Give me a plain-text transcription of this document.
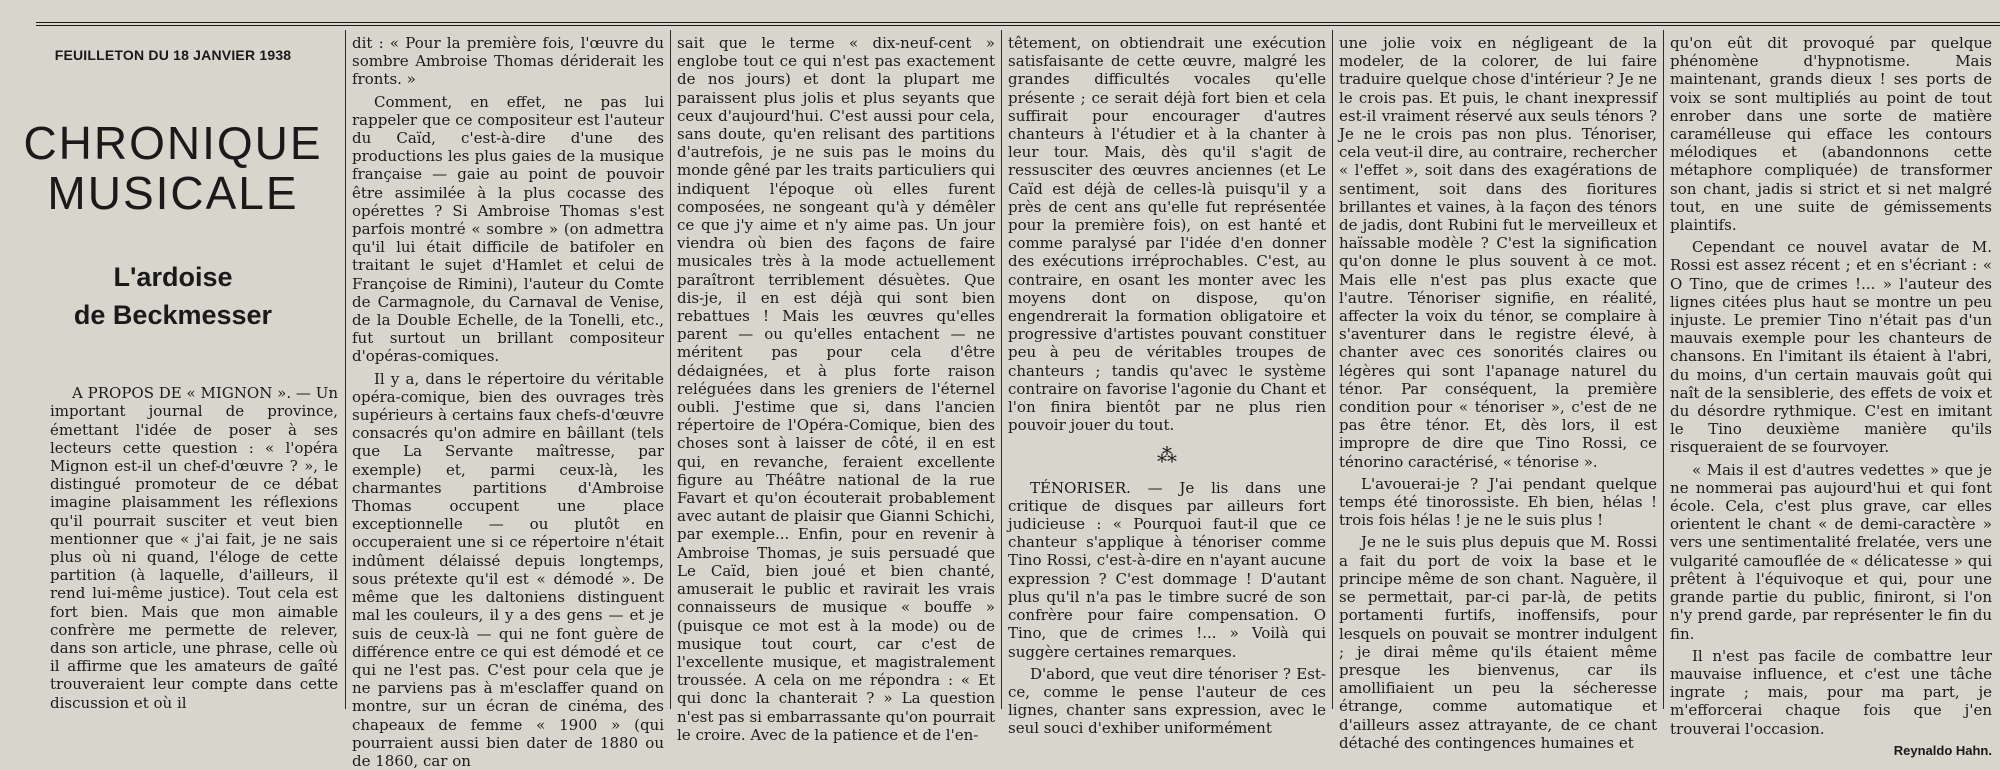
FEUILLETON DU 18 JANVIER 1938
CHRONIQUE
MUSICALE
L'ardoise
de Beckmesser

A PROPOS DE « MIGNON ». — Un important journal de province, émettant l'idée de poser à ses lecteurs cette question : « l'opéra Mignon est-il un chef-d'œuvre ? », le distingué promoteur de ce débat imagine plaisamment les réflexions qu'il pourrait susciter et veut bien mentionner que « j'ai fait, je ne sais plus où ni quand, l'éloge de cette partition (à laquelle, d'ailleurs, il rend lui-même justice). Tout cela est fort bien. Mais que mon aimable confrère me permette de relever, dans son article, une phrase, celle où il affirme que les amateurs de gaîté trouveraient leur compte dans cette discussion et où il

dit : « Pour la première fois, l'œuvre du sombre Ambroise Thomas dériderait les fronts. »

Comment, en effet, ne pas lui rappeler que ce compositeur est l'auteur du Caïd, c'est-à-dire d'une des productions les plus gaies de la musique française — gaie au point de pouvoir être assimilée à la plus cocasse des opérettes ? Si Ambroise Thomas s'est parfois montré « sombre » (on admettra qu'il lui était difficile de batifoler en traitant le sujet d'Hamlet et celui de Françoise de Rimini), l'auteur du Comte de Carmagnole, du Carnaval de Venise, de la Double Echelle, de la Tonelli, etc., fut surtout un brillant compositeur d'opéras-comiques.

Il y a, dans le répertoire du véritable opéra-comique, bien des ouvrages très supérieurs à certains faux chefs-d'œuvre consacrés qu'on admire en bâillant (tels que La Servante maîtresse, par exemple) et, parmi ceux-là, les charmantes partitions d'Ambroise Thomas occupent une place exceptionnelle — ou plutôt en occuperaient une si ce répertoire n'était indûment délaissé depuis longtemps, sous prétexte qu'il est « démodé ». De même que les daltoniens distinguent mal les couleurs, il y a des gens — et je suis de ceux-là — qui ne font guère de différence entre ce qui est démodé et ce qui ne l'est pas. C'est pour cela que je ne parviens pas à m'esclaffer quand on montre, sur un écran de cinéma, des chapeaux de femme « 1900 » (qui pourraient aussi bien dater de 1880 ou de 1860, car on

sait que le terme « dix-neuf-cent » englobe tout ce qui n'est pas exactement de nos jours) et dont la plupart me paraissent plus jolis et plus seyants que ceux d'aujourd'hui. C'est aussi pour cela, sans doute, qu'en relisant des partitions d'autrefois, je ne suis pas le moins du monde gêné par les traits particuliers qui indiquent l'époque où elles furent composées, ne songeant qu'à y démêler ce que j'y aime et n'y aime pas. Un jour viendra où bien des façons de faire musicales très à la mode actuellement paraîtront terriblement désuètes. Que dis-je, il en est déjà qui sont bien rebattues ! Mais les œuvres qu'elles parent — ou qu'elles entachent — ne méritent pas pour cela d'être dédaignées, et à plus forte raison reléguées dans les greniers de l'éternel oubli. J'estime que si, dans l'ancien répertoire de l'Opéra-Comique, bien des choses sont à laisser de côté, il en est qui, en revanche, feraient excellente figure au Théâtre national de la rue Favart et qu'on écouterait probablement avec autant de plaisir que Gianni Schichi, par exemple... Enfin, pour en revenir à Ambroise Thomas, je suis persuadé que Le Caïd, bien joué et bien chanté, amuserait le public et ravirait les vrais connaisseurs de musique « bouffe » (puisque ce mot est à la mode) ou de musique tout court, car c'est de l'excellente musique, et magistralement troussée. A cela on me répondra : « Et qui donc la chanterait ? » La question n'est pas si embarrassante qu'on pourrait le croire. Avec de la patience et de l'en-

têtement, on obtiendrait une exécution satisfaisante de cette œuvre, malgré les grandes difficultés vocales qu'elle présente ; ce serait déjà fort bien et cela suffirait pour encourager d'autres chanteurs à l'étudier et à la chanter à leur tour. Mais, dès qu'il s'agit de ressusciter des œuvres anciennes (et Le Caïd est déjà de celles-là puisqu'il y a près de cent ans qu'elle fut représentée pour la première fois), on est hanté et comme paralysé par l'idée d'en donner des exécutions irréprochables. C'est, au contraire, en osant les monter avec les moyens dont on dispose, qu'on engendrerait la formation obligatoire et progressive d'artistes pouvant constituer peu à peu de véritables troupes de chanteurs ; tandis qu'avec le système contraire on favorise l'agonie du Chant et l'on finira bientôt par ne plus rien pouvoir jouer du tout.

⁂

TÉNORISER. — Je lis dans une critique de disques par ailleurs fort judicieuse : « Pourquoi faut-il que ce chanteur s'applique à ténoriser comme Tino Rossi, c'est-à-dire en n'ayant aucune expression ? C'est dommage ! D'autant plus qu'il n'a pas le timbre sucré de son confrère pour faire compensation. O Tino, que de crimes !... » Voilà qui suggère certaines remarques.

D'abord, que veut dire ténoriser ? Est-ce, comme le pense l'auteur de ces lignes, chanter sans expression, avec le seul souci d'exhiber uniformément

une jolie voix en négligeant de la modeler, de la colorer, de lui faire traduire quelque chose d'intérieur ? Je ne le crois pas. Et puis, le chant inexpressif est-il vraiment réservé aux seuls ténors ? Je ne le crois pas non plus. Ténoriser, cela veut-il dire, au contraire, rechercher « l'effet », soit dans des exagérations de sentiment, soit dans des fioritures brillantes et vaines, à la façon des ténors de jadis, dont Rubini fut le merveilleux et haïssable modèle ? C'est la signification qu'on donne le plus souvent à ce mot. Mais elle n'est pas plus exacte que l'autre. Ténoriser signifie, en réalité, affecter la voix du ténor, se complaire à s'aventurer dans le registre élevé, à chanter avec ces sonorités claires ou légères qui sont l'apanage naturel du ténor. Par conséquent, la première condition pour « ténoriser », c'est de ne pas être ténor. Et, dès lors, il est impropre de dire que Tino Rossi, ce ténorino caractérisé, « ténorise ».

L'avouerai-je ? J'ai pendant quelque temps été tinorossiste. Eh bien, hélas ! trois fois hélas ! je ne le suis plus !

Je ne le suis plus depuis que M. Rossi a fait du port de voix la base et le principe même de son chant. Naguère, il se permettait, par-ci par-là, de petits portamenti furtifs, inoffensifs, pour lesquels on pouvait se montrer indulgent ; je dirai même qu'ils étaient même presque les bienvenus, car ils amollifiaient un peu la sécheresse étrange, comme automatique et d'ailleurs assez attrayante, de ce chant détaché des contingences humaines et

qu'on eût dit provoqué par quelque phénomène d'hypnotisme. Mais maintenant, grands dieux ! ses ports de voix se sont multipliés au point de tout enrober dans une sorte de matière caramélleuse qui efface les contours mélodiques et (abandonnons cette métaphore compliquée) de transformer son chant, jadis si strict et si net malgré tout, en une suite de gémissements plaintifs.

Cependant ce nouvel avatar de M. Rossi est assez récent ; et en s'écriant : « O Tino, que de crimes !... » l'auteur des lignes citées plus haut se montre un peu injuste. Le premier Tino n'était pas d'un mauvais exemple pour les chanteurs de chansons. En l'imitant ils étaient à l'abri, du moins, d'un certain mauvais goût qui naît de la sensiblerie, des effets de voix et du désordre rythmique. C'est en imitant le Tino deuxième manière qu'ils risqueraient de se fourvoyer.

« Mais il est d'autres vedettes » que je ne nommerai pas aujourd'hui et qui font école. Cela, c'est plus grave, car elles orientent le chant « de demi-caractère » vers une sentimentalité frelatée, vers une vulgarité camouflée de « délicatesse » qui prêtent à l'équivoque et qui, pour une grande partie du public, finiront, si l'on n'y prend garde, par représenter le fin du fin.

Il n'est pas facile de combattre leur mauvaise influence, et c'est une tâche ingrate ; mais, pour ma part, je m'efforcerai chaque fois que j'en trouverai l'occasion.

Reynaldo Hahn.
